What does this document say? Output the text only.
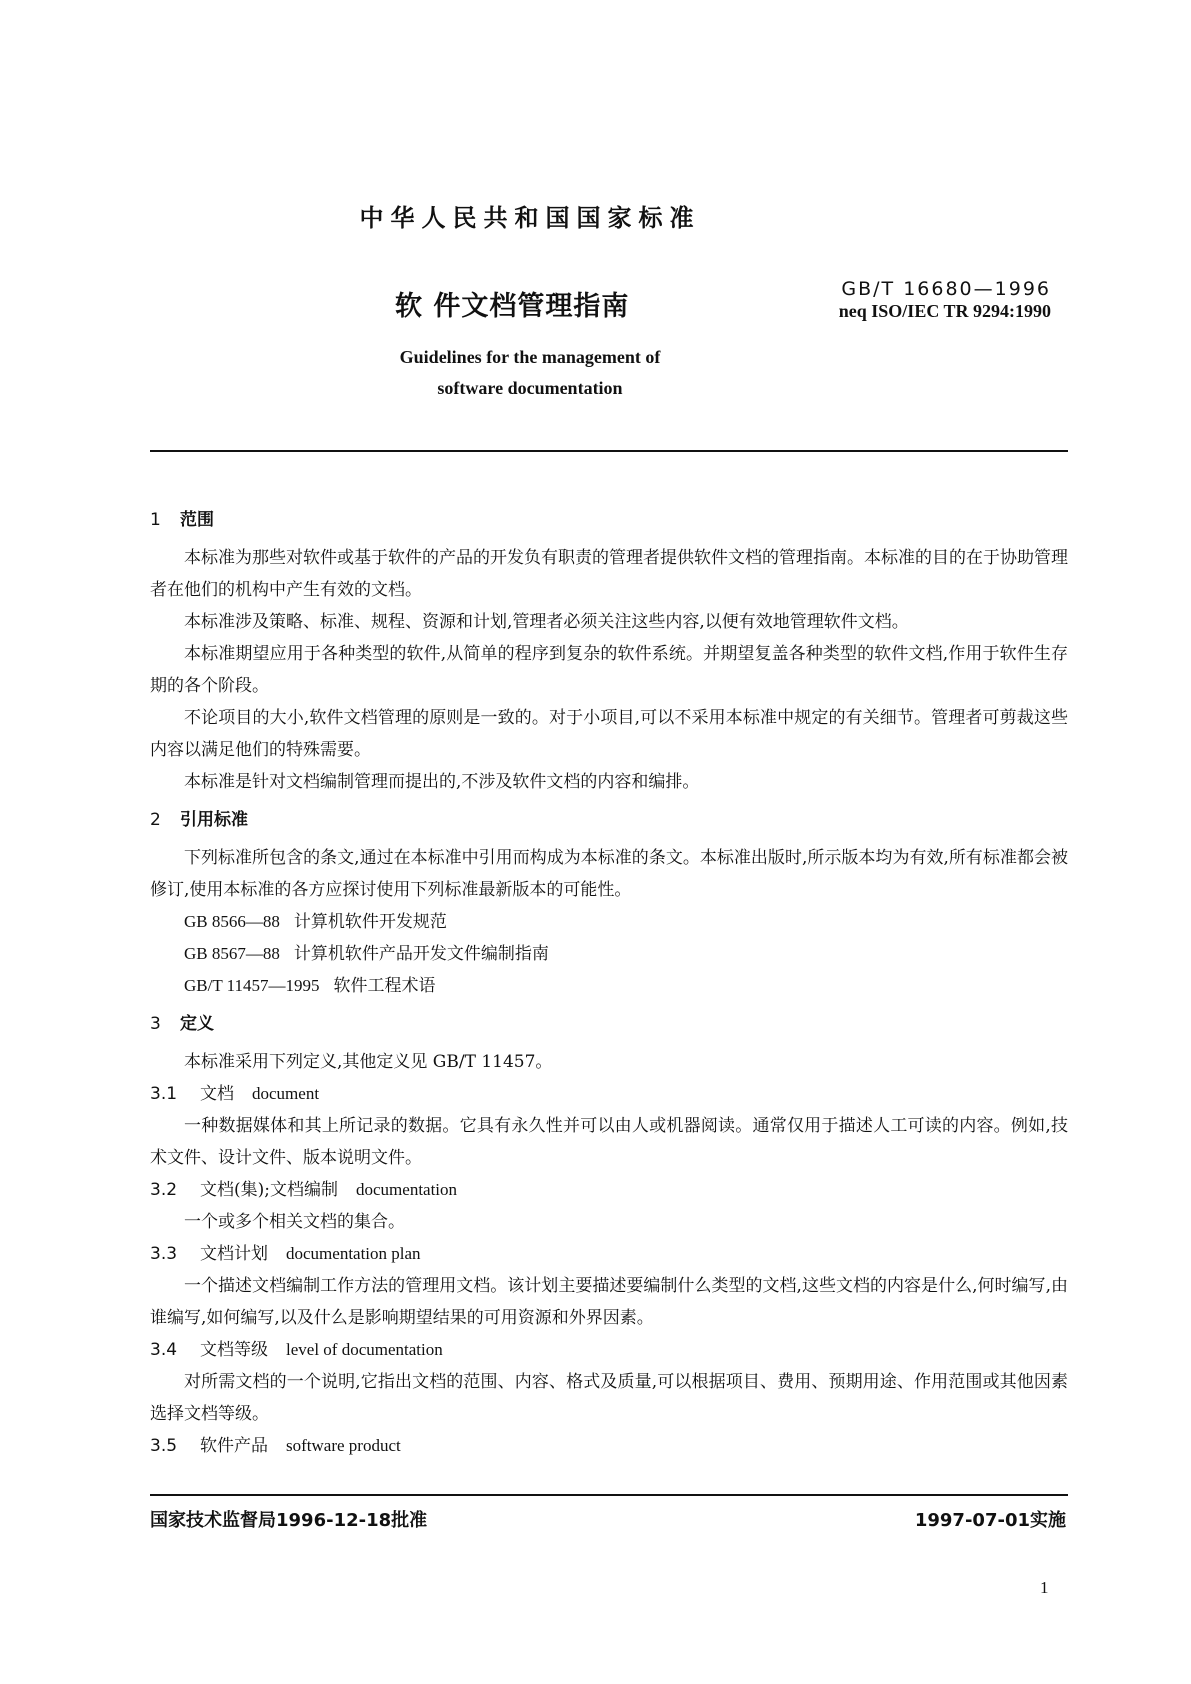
中华人民共和国国家标准
软 件文档管理指南
GB/T 16680—1996
neq ISO/IEC TR 9294:1990
Guidelines for the management of
software documentation
1 范围

本标准为那些对软件或基于软件的产品的开发负有职责的管理者提供软件文档的管理指南。本标准的目的在于协助管理者在他们的机构中产生有效的文档。

本标准涉及策略、标准、规程、资源和计划,管理者必须关注这些内容,以便有效地管理软件文档。

本标准期望应用于各种类型的软件,从简单的程序到复杂的软件系统。并期望复盖各种类型的软件文档,作用于软件生存期的各个阶段。

不论项目的大小,软件文档管理的原则是一致的。对于小项目,可以不采用本标准中规定的有关细节。管理者可剪裁这些内容以满足他们的特殊需要。

本标准是针对文档编制管理而提出的,不涉及软件文档的内容和编排。

2 引用标准

下列标准所包含的条文,通过在本标准中引用而构成为本标准的条文。本标准出版时,所示版本均为有效,所有标准都会被修订,使用本标准的各方应探讨使用下列标准最新版本的可能性。

GB 8566—88 计算机软件开发规范

GB 8567—88 计算机软件产品开发文件编制指南

GB/T 11457—1995 软件工程术语

3 定义

本标准采用下列定义,其他定义见 GB/T 11457。

3.1 文档 document

一种数据媒体和其上所记录的数据。它具有永久性并可以由人或机器阅读。通常仅用于描述人工可读的内容。例如,技术文件、设计文件、版本说明文件。

3.2 文档(集);文档编制 documentation

一个或多个相关文档的集合。

3.3 文档计划 documentation plan

一个描述文档编制工作方法的管理用文档。该计划主要描述要编制什么类型的文档,这些文档的内容是什么,何时编写,由谁编写,如何编写,以及什么是影响期望结果的可用资源和外界因素。

3.4 文档等级 level of documentation

对所需文档的一个说明,它指出文档的范围、内容、格式及质量,可以根据项目、费用、预期用途、作用范围或其他因素选择文档等级。

3.5 软件产品 software product
国家技术监督局1996-12-18批准	1997-07-01实施
1
